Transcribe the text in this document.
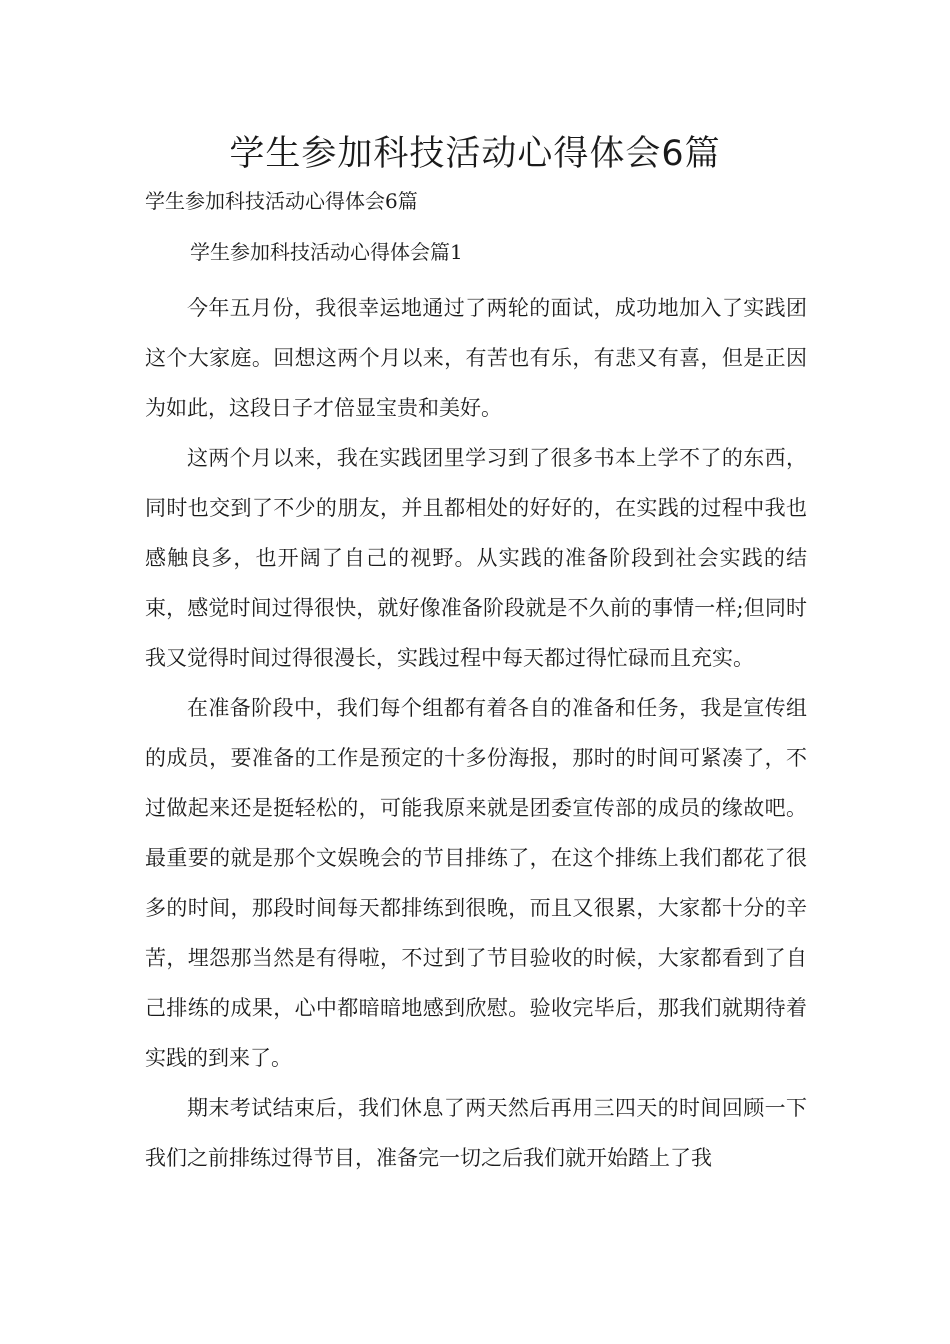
学生参加科技活动心得体会6篇

学生参加科技活动心得体会6篇

学生参加科技活动心得体会篇1

今年五月份，我很幸运地通过了两轮的面试，成功地加入了实践团这个大家庭。回想这两个月以来，有苦也有乐，有悲又有喜，但是正因为如此，这段日子才倍显宝贵和美好。

这两个月以来，我在实践团里学习到了很多书本上学不了的东西，同时也交到了不少的朋友，并且都相处的好好的，在实践的过程中我也感触良多，也开阔了自己的视野。从实践的准备阶段到社会实践的结束，感觉时间过得很快，就好像准备阶段就是不久前的事情一样;但同时我又觉得时间过得很漫长，实践过程中每天都过得忙碌而且充实。

在准备阶段中，我们每个组都有着各自的准备和任务，我是宣传组的成员，要准备的工作是预定的十多份海报，那时的时间可紧凑了，不过做起来还是挺轻松的，可能我原来就是团委宣传部的成员的缘故吧。最重要的就是那个文娱晚会的节目排练了，在这个排练上我们都花了很多的时间，那段时间每天都排练到很晚，而且又很累，大家都十分的辛苦，埋怨那当然是有得啦，不过到了节目验收的时候，大家都看到了自己排练的成果，心中都暗暗地感到欣慰。验收完毕后，那我们就期待着实践的到来了。

期末考试结束后，我们休息了两天然后再用三四天的时间回顾一下我们之前排练过得节目，准备完一切之后我们就开始踏上了我
